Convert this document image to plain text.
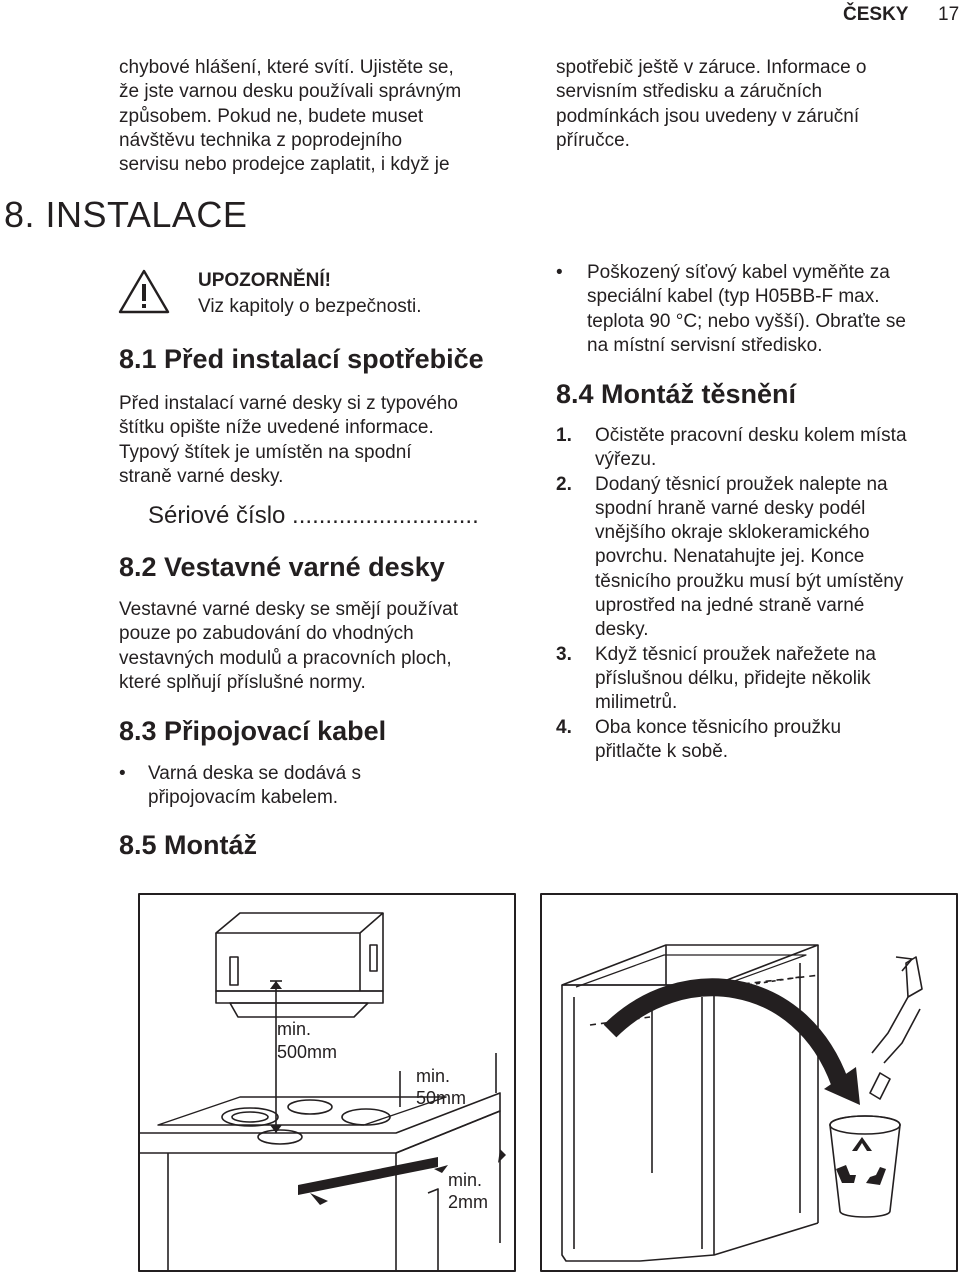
ČESKY 17
chybové hlášení, které svítí. Ujistěte se,
že jste varnou desku používali správným
způsobem. Pokud ne, budete muset
návštěvu technika z poprodejního
servisu nebo prodejce zaplatit, i když je
8. INSTALACE
UPOZORNĚNÍ!
Viz kapitoly o bezpečnosti.
8.1 Před instalací spotřebiče
Před instalací varné desky si z typového
štítku opište níže uvedené informace.
Typový štítek je umístěn na spodní
straně varné desky.
Sériové číslo ............................
8.2 Vestavné varné desky
Vestavné varné desky se smějí používat
pouze po zabudování do vhodných
vestavných modulů a pracovních ploch,
které splňují příslušné normy.
8.3 Připojovací kabel
• Varná deska se dodává s
připojovacím kabelem.
8.5 Montáž
spotřebič ještě v záruce. Informace o
servisním středisku a záručních
podmínkách jsou uvedeny v záruční
příručce.
• Poškozený síťový kabel vyměňte za
speciální kabel (typ H05BB-F max.
teplota 90 °C; nebo vyšší). Obraťte se
na místní servisní středisko.
8.4 Montáž těsnění
1. Očistěte pracovní desku kolem místa
výřezu.
2. Dodaný těsnicí proužek nalepte na
spodní hraně varné desky podél
vnějšího okraje sklokeramického
povrchu. Nenatahujte jej. Konce
těsnicího proužku musí být umístěny
uprostřed na jedné straně varné
desky.
3. Když těsnicí proužek nařežete na
příslušnou délku, přidejte několik
milimetrů.
4. Oba konce těsnicího proužku
přitlačte k sobě.
min.
500mm
min.
50mm
min.
2mm
